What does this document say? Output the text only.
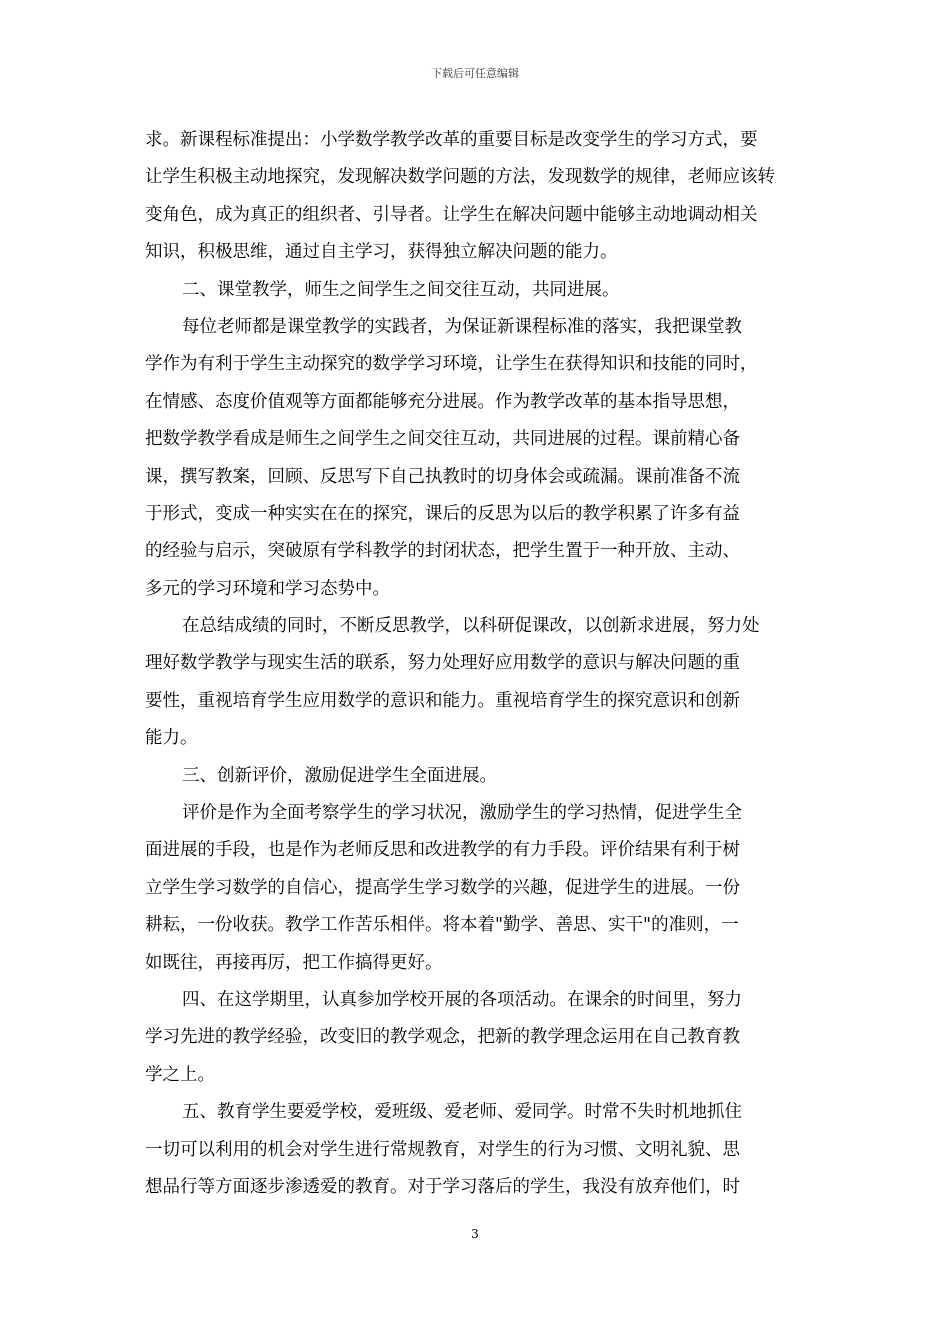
下载后可任意编辑
求。新课程标准提出：小学数学教学改革的重要目标是改变学生的学习方式，要
让学生积极主动地探究，发现解决数学问题的方法，发现数学的规律，老师应该转
变角色，成为真正的组织者、引导者。让学生在解决问题中能够主动地调动相关
知识，积极思维，通过自主学习，获得独立解决问题的能力。
二、课堂教学，师生之间学生之间交往互动，共同进展。
每位老师都是课堂教学的实践者，为保证新课程标准的落实，我把课堂教
学作为有利于学生主动探究的数学学习环境，让学生在获得知识和技能的同时，
在情感、态度价值观等方面都能够充分进展。作为教学改革的基本指导思想，
把数学教学看成是师生之间学生之间交往互动，共同进展的过程。课前精心备
课，撰写教案，回顾、反思写下自己执教时的切身体会或疏漏。课前准备不流
于形式，变成一种实实在在的探究，课后的反思为以后的教学积累了许多有益
的经验与启示，突破原有学科教学的封闭状态，把学生置于一种开放、主动、
多元的学习环境和学习态势中。
在总结成绩的同时，不断反思教学，以科研促课改，以创新求进展，努力处
理好数学教学与现实生活的联系，努力处理好应用数学的意识与解决问题的重
要性，重视培育学生应用数学的意识和能力。重视培育学生的探究意识和创新
能力。
三、创新评价，激励促进学生全面进展。
评价是作为全面考察学生的学习状况，激励学生的学习热情，促进学生全
面进展的手段，也是作为老师反思和改进教学的有力手段。评价结果有利于树
立学生学习数学的自信心，提高学生学习数学的兴趣，促进学生的进展。一份
耕耘，一份收获。教学工作苦乐相伴。将本着"勤学、善思、实干"的准则，一
如既往，再接再厉，把工作搞得更好。
四、在这学期里，认真参加学校开展的各项活动。在课余的时间里，努力
学习先进的教学经验，改变旧的教学观念，把新的教学理念运用在自己教育教
学之上。
五、教育学生要爱学校，爱班级、爱老师、爱同学。时常不失时机地抓住
一切可以利用的机会对学生进行常规教育，对学生的行为习惯、文明礼貌、思
想品行等方面逐步渗透爱的教育。对于学习落后的学生，我没有放弃他们，时
3
